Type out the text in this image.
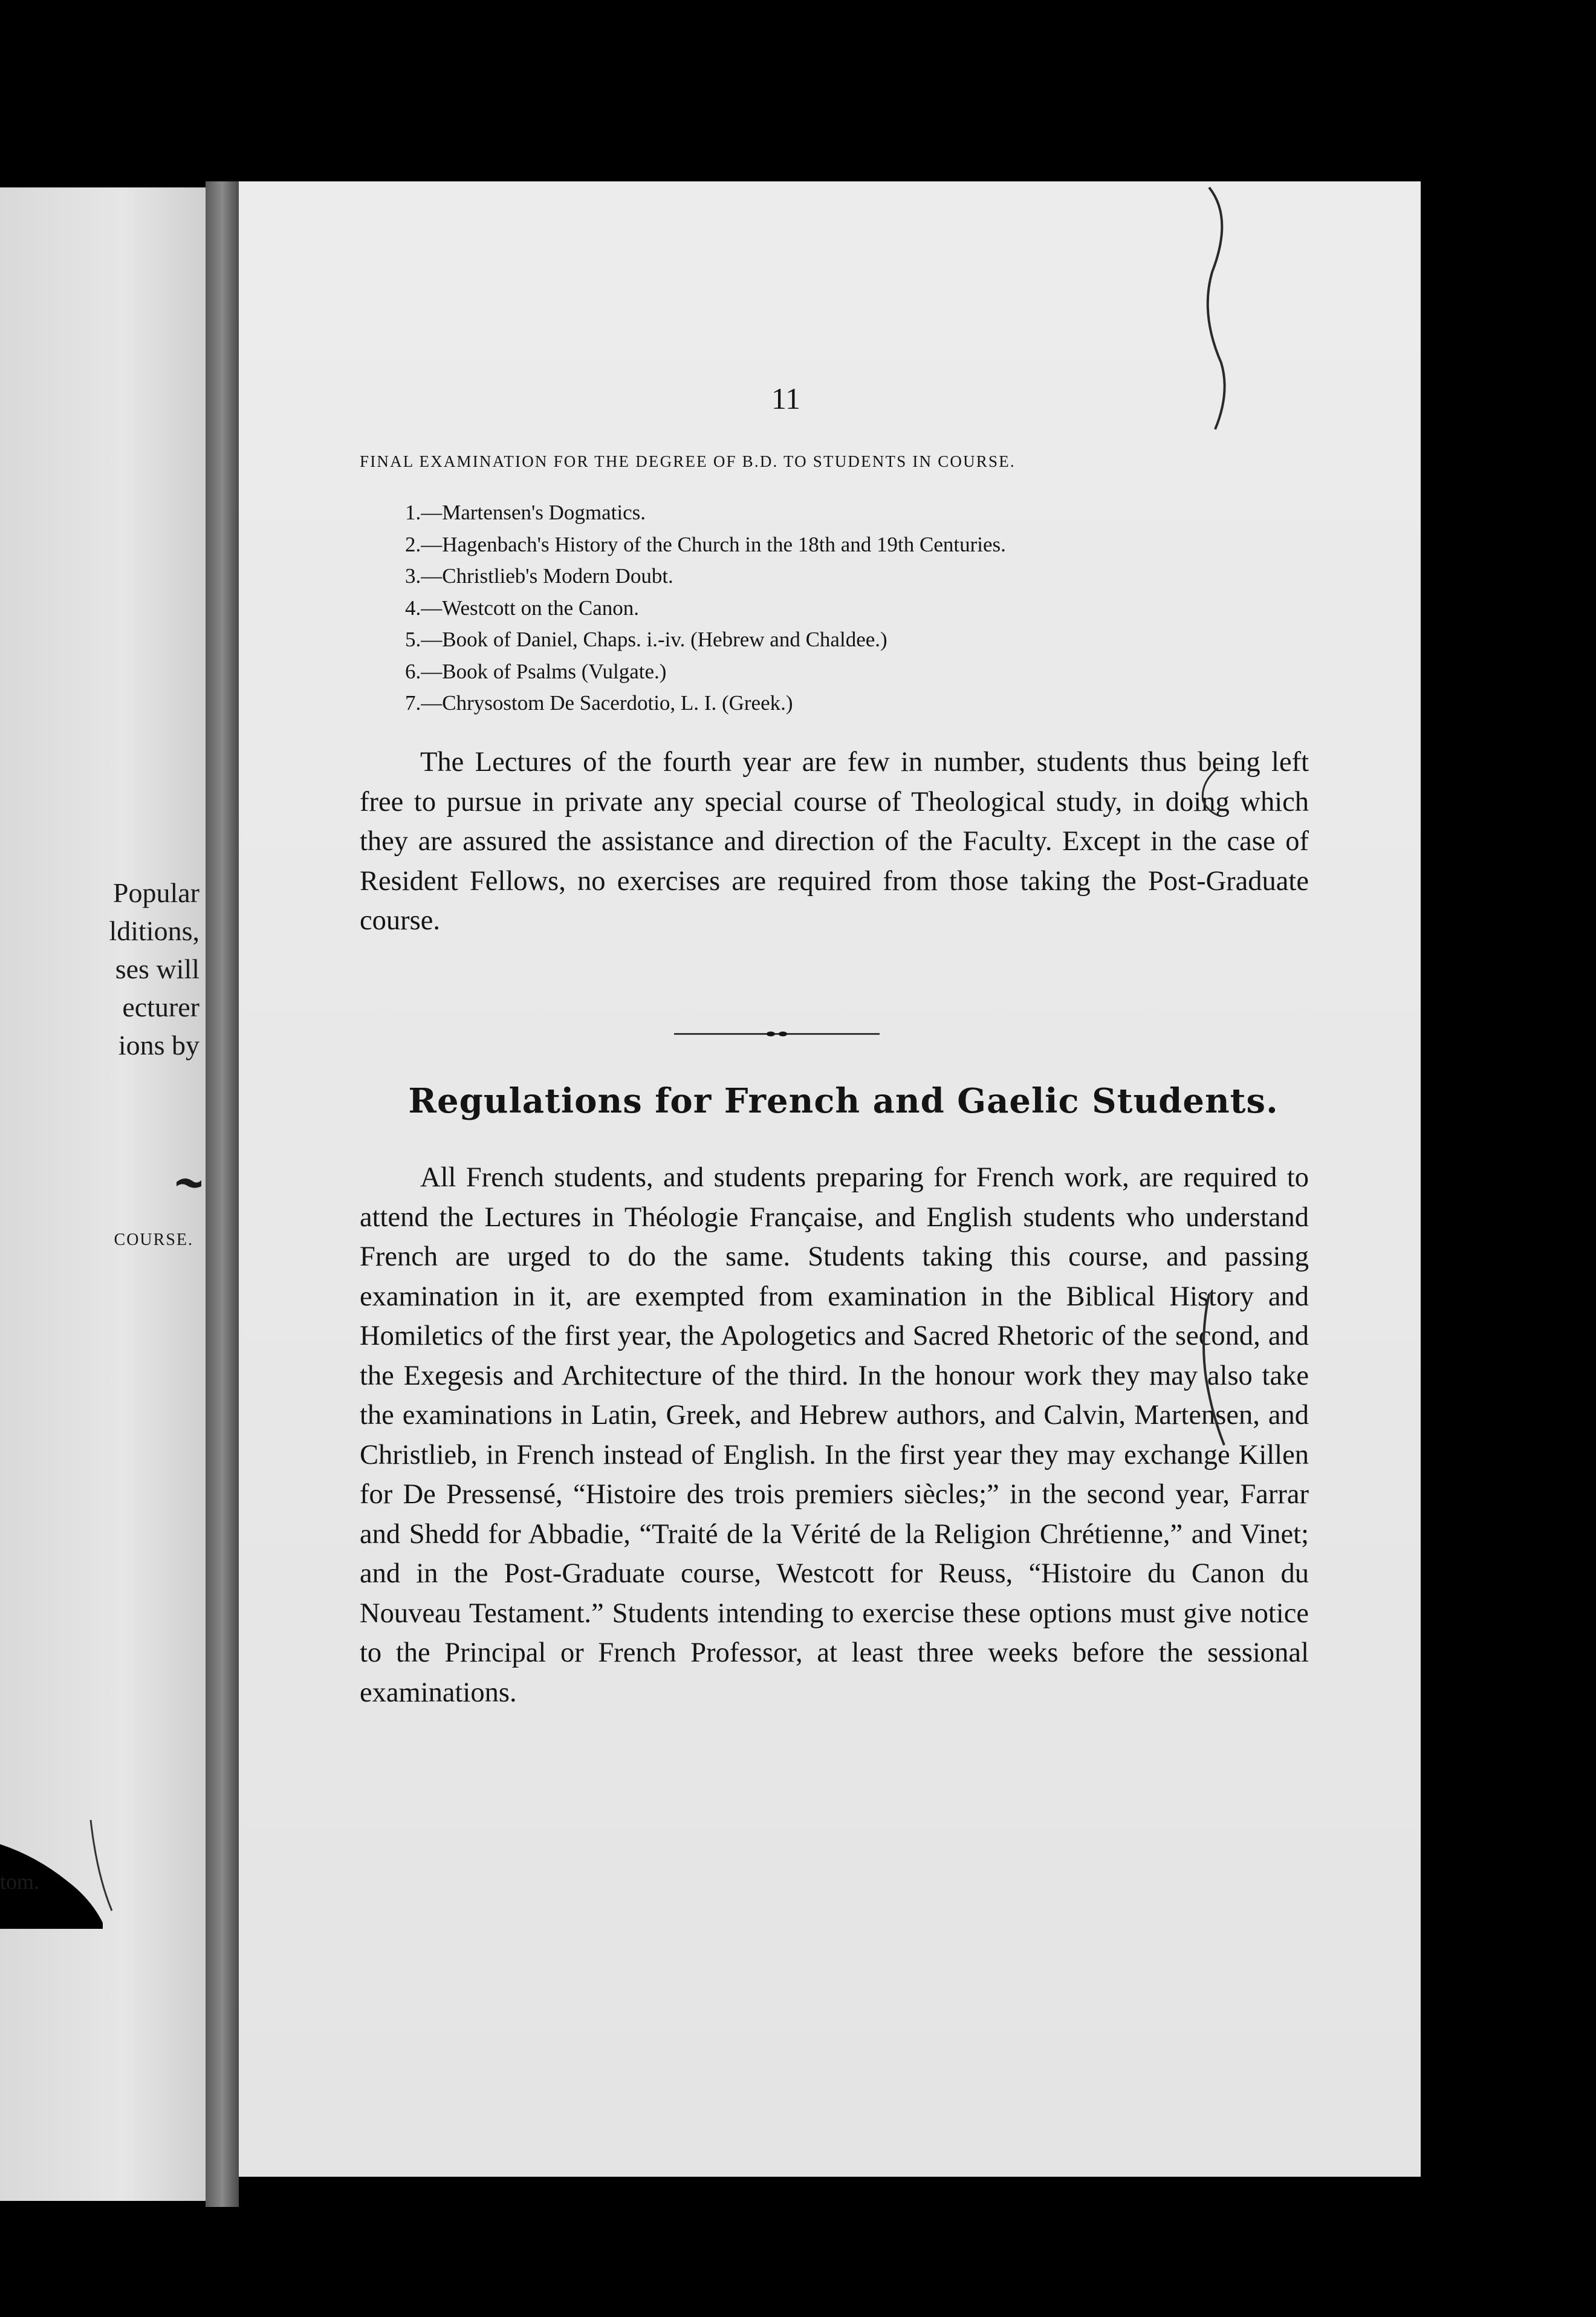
Popular
lditions,
ses will
ecturer
ions by
COURSE.
tom.
11
FINAL EXAMINATION FOR THE DEGREE OF B.D. TO STUDENTS IN COURSE.
1.—Martensen's Dogmatics.
2.—Hagenbach's History of the Church in the 18th and 19th Centuries.
3.—Christlieb's Modern Doubt.
4.—Westcott on the Canon.
5.—Book of Daniel, Chaps. i.-iv. (Hebrew and Chaldee.)
6.—Book of Psalms (Vulgate.)
7.—Chrysostom De Sacerdotio, L. I. (Greek.)

The Lectures of the fourth year are few in number, students thus being left free to pursue in private any special course of Theological study, in doing which they are assured the assistance and direction of the Faculty. Except in the case of Resident Fellows, no exercises are required from those taking the Post-Graduate course.

Regulations for French and Gaelic Students.

All French students, and students preparing for French work, are required to attend the Lectures in Théologie Française, and English students who understand French are urged to do the same. Students taking this course, and passing examination in it, are exempted from examination in the Biblical History and Homiletics of the first year, the Apologetics and Sacred Rhetoric of the second, and the Exegesis and Architecture of the third. In the honour work they may also take the examinations in Latin, Greek, and Hebrew authors, and Calvin, Martensen, and Christlieb, in French instead of English. In the first year they may exchange Killen for De Pressensé, “Histoire des trois premiers siècles;” in the second year, Farrar and Shedd for Abbadie, “Traité de la Vérité de la Religion Chrétienne,” and Vinet; and in the Post-Graduate course, Westcott for Reuss, “Histoire du Canon du Nouveau Testament.” Students intending to exercise these options must give notice to the Principal or French Professor, at least three weeks before the sessional examinations.
